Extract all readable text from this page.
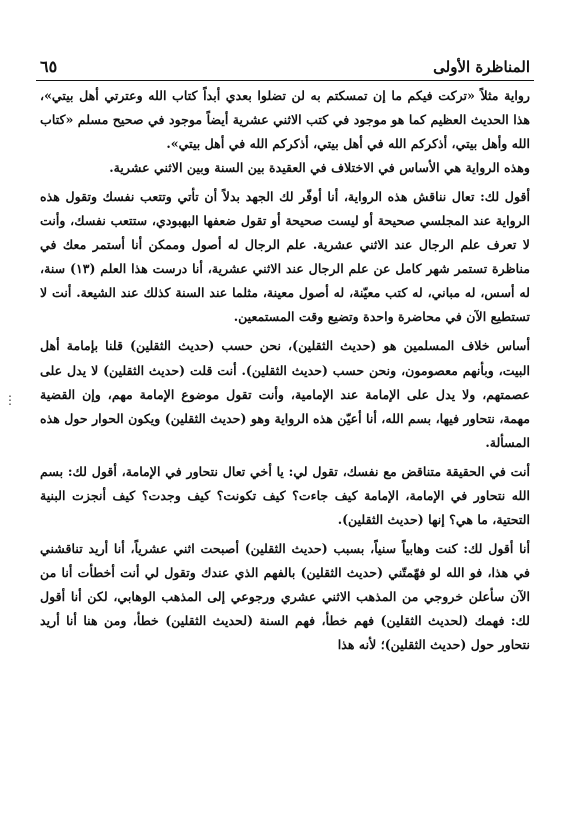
المناظرة الأولى
٦٥

رواية مثلاً «تركت فيكم ما إن تمسكتم به لن تضلوا بعدي أبداً كتاب الله وعترتي أهل بيتي»، هذا الحديث العظيم كما هو موجود في كتب الاثني عشرية أيضاً موجود في صحيح مسلم «كتاب الله وأهل بيتي، أذكركم الله في أهل بيتي، أذكركم الله في أهل بيتي».

وهذه الرواية هي الأساس في الاختلاف في العقيدة بين السنة وبين الاثني عشرية.

أقول لك: تعال نناقش هذه الرواية، أنا أوفّر لك الجهد بدلاً أن تأتي وتتعب نفسك وتقول هذه الرواية عند المجلسي صحيحة أو ليست صحيحة أو تقول ضعفها البهبودي، ستتعب نفسك، وأنت لا تعرف علم الرجال عند الاثني عشرية. علم الرجال له أصول وممكن أنا أستمر معك في مناظرة تستمر شهر كامل عن علم الرجال عند الاثني عشرية، أنا درست هذا العلم (١٣) سنة، له أسس، له مباني، له كتب معيّنة، له أصول معينة، مثلما عند السنة كذلك عند الشيعة. أنت لا تستطيع الآن في محاضرة واحدة وتضيع وقت المستمعين.

أساس خلاف المسلمين هو (حديث الثقلين)، نحن حسب (حديث الثقلين) قلنا بإمامة أهل البيت، وبأنهم معصومون، ونحن حسب (حديث الثقلين). أنت قلت (حديث الثقلين) لا يدل على عصمتهم، ولا يدل على الإمامة عند الإمامية، وأنت تقول موضوع الإمامة مهم، وإن القضية مهمة، نتحاور فيها، بسم الله، أنا أعيّن هذه الرواية وهو (حديث الثقلين) ويكون الحوار حول هذه المسألة.

أنت في الحقيقة متناقض مع نفسك، تقول لي: يا أخي تعال نتحاور في الإمامة، أقول لك: بسم الله نتحاور في الإمامة، الإمامة كيف جاءت؟ كيف تكونت؟ كيف وجدت؟ كيف أنجزت البنية التحتية، ما هي؟ إنها (حديث الثقلين).

أنا أقول لك: كنت وهابياً سنياً، بسبب (حديث الثقلين) أصبحت اثني عشرياً، أنا أريد تناقشني في هذا، فو الله لو فهّمتّني (حديث الثقلين) بالفهم الذي عندك وتقول لي أنت أخطأت أنا من الآن سأعلن خروجي من المذهب الاثني عشري ورجوعي إلى المذهب الوهابي، لكن أنا أقول لك: فهمك (لحديث الثقلين) فهم خطأ، فهم السنة (لحديث الثقلين) خطأ، ومن هنا أنا أريد نتحاور حول (حديث الثقلين)؛ لأنه هذا

⋮
